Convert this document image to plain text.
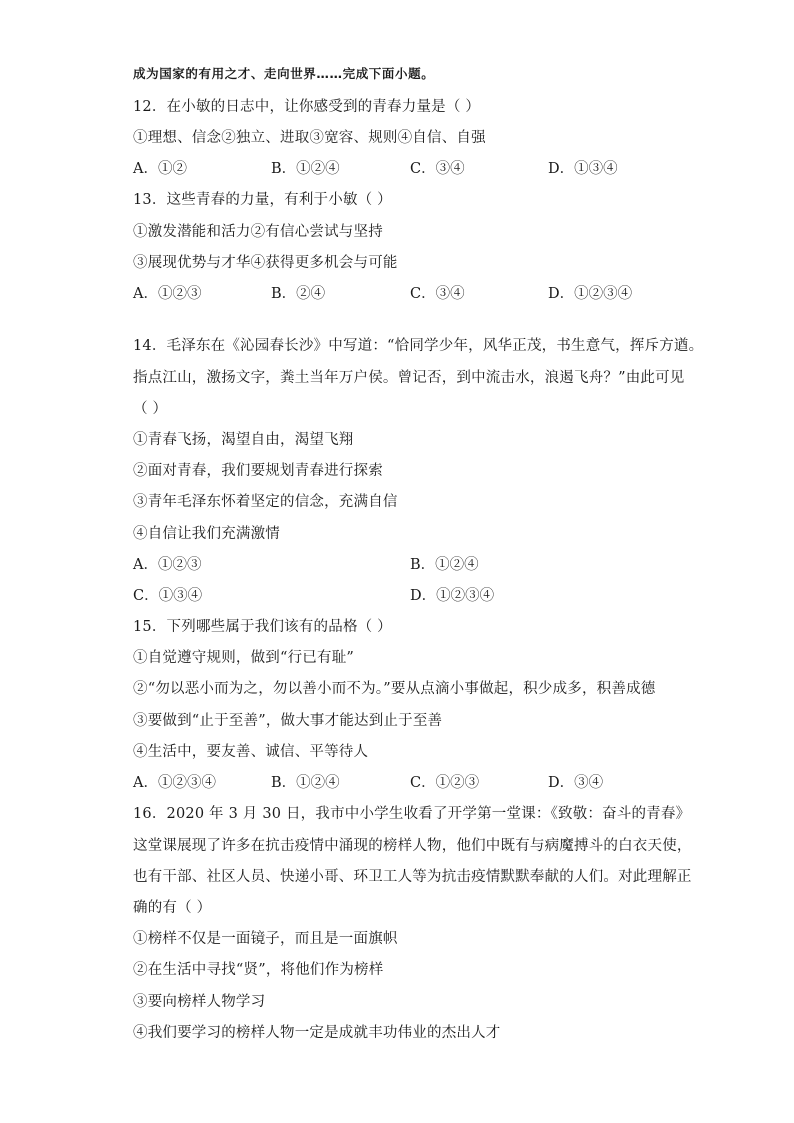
成为国家的有用之才、走向世界……完成下面小题。
12．在小敏的日志中，让你感受到的青春力量是（ ）
①理想、信念②独立、进取③宽容、规则④自信、自强
A．①②	B．①②④	C．③④	D．①③④
13．这些青春的力量，有利于小敏（ ）
①激发潜能和活力②有信心尝试与坚持
③展现优势与才华④获得更多机会与可能
A．①②③	B．②④	C．③④	D．①②③④
14．毛泽东在《沁园春长沙》中写道：“恰同学少年，风华正茂，书生意气，挥斥方遒。
指点江山，激扬文字，粪土当年万户侯。曾记否，到中流击水，浪遏飞舟？”由此可见
（ ）
①青春飞扬，渴望自由，渴望飞翔
②面对青春，我们要规划青春进行探索
③青年毛泽东怀着坚定的信念，充满自信
④自信让我们充满激情
A．①②③	B．①②④
C．①③④	D．①②③④
15．下列哪些属于我们该有的品格（ ）
①自觉遵守规则，做到“行已有耻”
②“勿以恶小而为之，勿以善小而不为。”要从点滴小事做起，积少成多，积善成德
③要做到“止于至善”，做大事才能达到止于至善
④生活中，要友善、诚信、平等待人
A．①②③④	B．①②④	C．①②③	D．③④
16．2020 年 3 月 30 日，我市中小学生收看了开学第一堂课：《致敬：奋斗的青春》
这堂课展现了许多在抗击疫情中涌现的榜样人物，他们中既有与病魔搏斗的白衣天使，
也有干部、社区人员、快递小哥、环卫工人等为抗击疫情默默奉献的人们。对此理解正
确的有（ ）
①榜样不仅是一面镜子，而且是一面旗帜
②在生活中寻找“贤”，将他们作为榜样
③要向榜样人物学习
④我们要学习的榜样人物一定是成就丰功伟业的杰出人才
